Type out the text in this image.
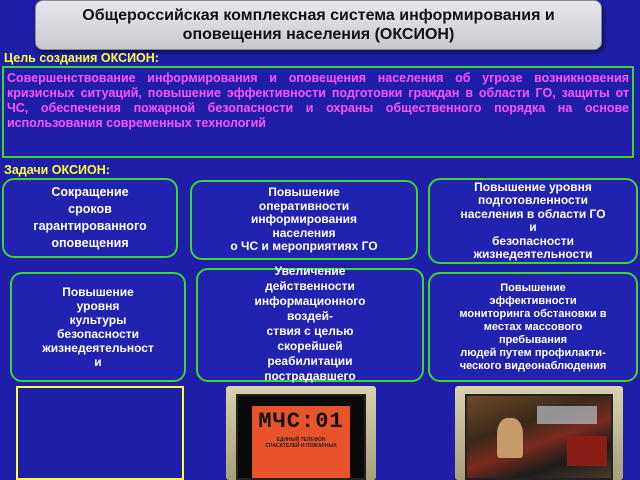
Общероссийская комплексная система информирования и
оповещения населения (ОКСИОН)
Цель создания ОКСИОН:
Совершенствование информирования и оповещения населения об угрозе возникновения кризисных ситуаций, повышение эффективности подготовки граждан в области ГО, защиты от ЧС, обеспечения пожарной безопасности и охраны общественного порядка на основе использования современных технологий
Задачи ОКСИОН:
Сокращение
сроков
гарантированного
оповещения
Повышение
оперативности
информирования
населения
о ЧС и мероприятиях ГО
Повышение уровня
подготовленности
населения в области ГО
и
безопасности
жизнедеятельности
Повышение
уровня
культуры
безопасности
жизнедеятельност
и
Увеличение
действенности
информационного
воздей-
ствия с целью
скорейшей
реабилитации
пострадавшего

Повышение
эффективности
мониторинга обстановки в
местах массового
пребывания
людей путем профилакти-
ческого видеонаблюдения
МЧС:01
ЕДИНЫЙ ТЕЛЕФОН
СПАСАТЕЛЕЙ И ПОЖАРНЫХ
